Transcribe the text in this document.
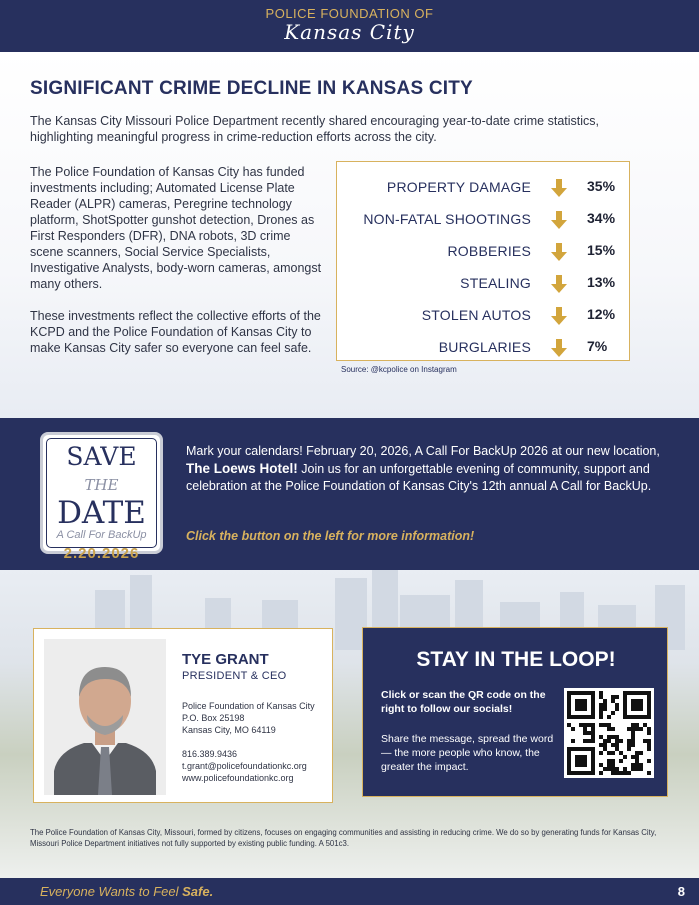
POLICE FOUNDATION OF
Kansas City
SIGNIFICANT CRIME DECLINE IN KANSAS CITY

The Kansas City Missouri Police Department recently shared encouraging year-to-date crime statistics, highlighting meaningful progress in crime-reduction efforts across the city.

The Police Foundation of Kansas City has funded investments including; Automated License Plate Reader (ALPR) cameras, Peregrine technology platform, ShotSpotter gunshot detection, Drones as First Responders (DFR), DNA robots, 3D crime scene scanners, Social Service Specialists, Investigative Analysts, body-worn cameras, amongst many others.

These investments reflect the collective efforts of the KCPD and the Police Foundation of Kansas City to make Kansas City safer so everyone can feel safe.

PROPERTY DAMAGE	35%
NON-FATAL SHOOTINGS	34%
ROBBERIES	15%
STEALING	13%
STOLEN AUTOS	12%
BURGLARIES	7%
Source: @kcpolice on Instagram
SAVE THE
DATE
A Call For BackUp
2.20.2026

Mark your calendars! February 20, 2026, A Call For BackUp 2026 at our new location, The Loews Hotel! Join us for an unforgettable evening of community, support and celebration at the Police Foundation of Kansas City's 12th annual A Call for BackUp.

Click the button on the left for more information!
TYE GRANT
PRESIDENT & CEO
Police Foundation of Kansas City
P.O. Box 25198
Kansas City, MO 64119
816.389.9436
t.grant@policefoundationkc.org
www.policefoundationkc.org
STAY IN THE LOOP!
Click or scan the QR code on the right to follow our socials!
Share the message, spread the word — the more people who know, the greater the impact.

The Police Foundation of Kansas City, Missouri, formed by citizens, focuses on engaging communities and assisting in reducing crime. We do so by generating funds for Kansas City, Missouri Police Department initiatives not fully supported by existing public funding. A 501c3.

Everyone Wants to Feel Safe.	8
